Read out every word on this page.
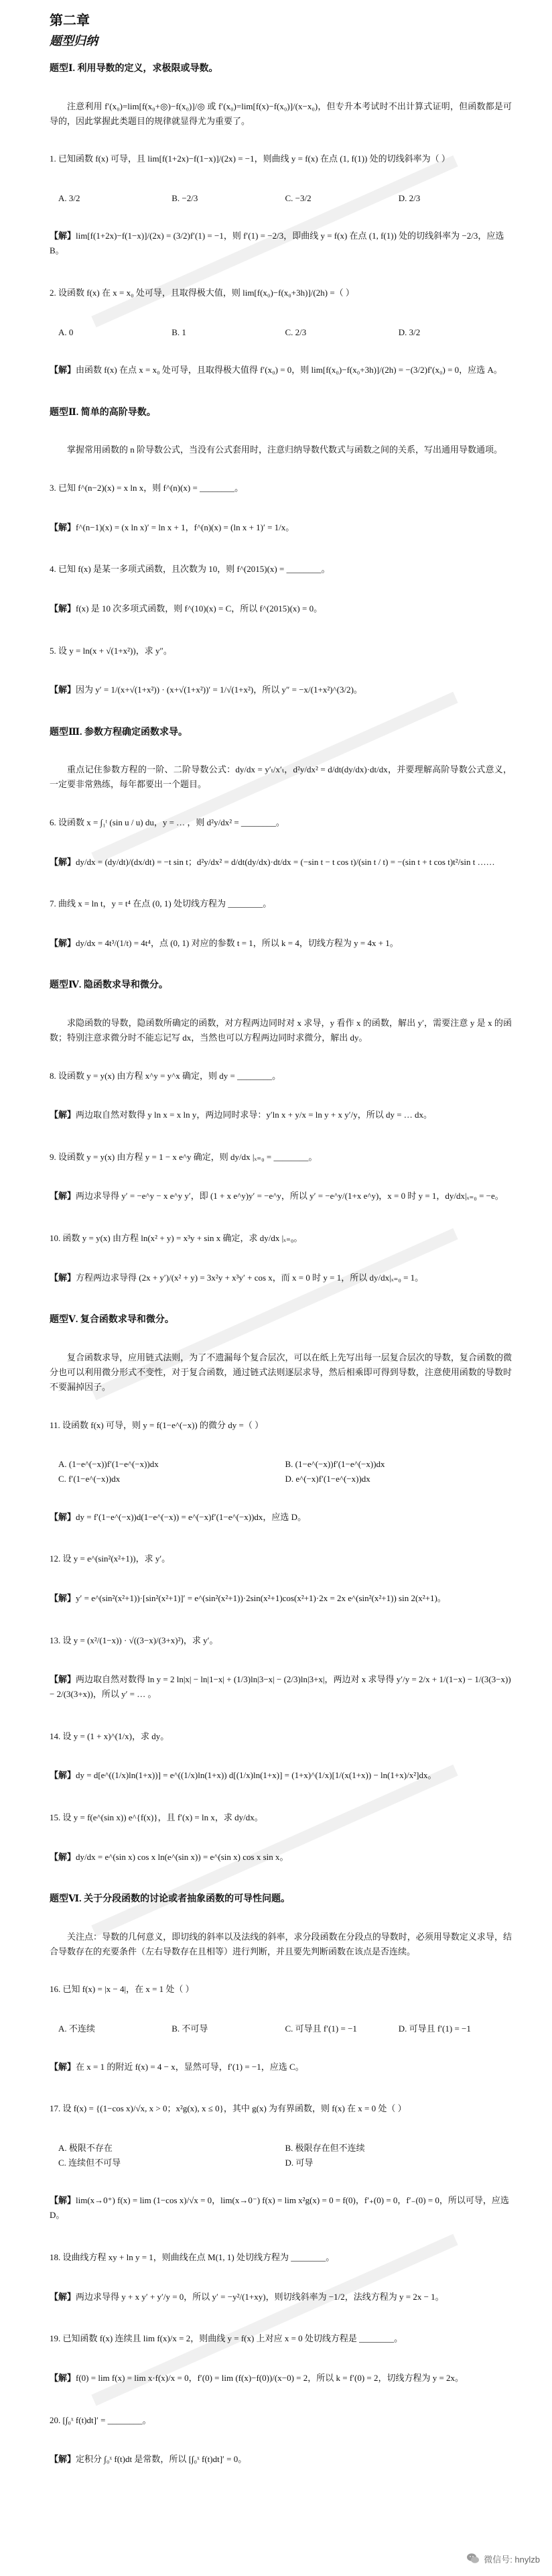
第二章
题型归纳
题型Ⅰ. 利用导数的定义，求极限或导数。
注意利用 f′(x₀)=lim[f(x₀+◎)−f(x₀)]/◎ 或 f′(x₀)=lim[f(x)−f(x₀)]/(x−x₀)，但专升本考试时不出计算式证明，但函数都是可导的，因此掌握此类题目的规律就显得尤为重要了。
1. 已知函数 f(x) 可导，且 lim[f(1+2x)−f(1−x)]/(2x) = −1，则曲线 y = f(x) 在点 (1, f(1)) 处的切线斜率为（ ）
A. 3/2	B. −2/3	C. −3/2	D. 2/3
【解】lim[f(1+2x)−f(1−x)]/(2x) = (3/2)f′(1) = −1，则 f′(1) = −2/3，即曲线 y = f(x) 在点 (1, f(1)) 处的切线斜率为 −2/3，应选 B。
2. 设函数 f(x) 在 x = x₀ 处可导，且取得极大值，则 lim[f(x₀)−f(x₀+3h)]/(2h) =（ ）
A. 0	B. 1	C. 2/3	D. 3/2
【解】由函数 f(x) 在点 x = x₀ 处可导，且取得极大值得 f′(x₀) = 0，则 lim[f(x₀)−f(x₀+3h)]/(2h) = −(3/2)f′(x₀) = 0，应选 A。
题型Ⅱ. 简单的高阶导数。
掌握常用函数的 n 阶导数公式，当没有公式套用时，注意归纳导数代数式与函数之间的关系，写出通用导数通项。
3. 已知 f^(n−2)(x) = x ln x，则 f^(n)(x) = ________。
【解】f^(n−1)(x) = (x ln x)′ = ln x + 1，f^(n)(x) = (ln x + 1)′ = 1/x。
4. 已知 f(x) 是某一多项式函数，且次数为 10，则 f^(2015)(x) = ________。
【解】f(x) 是 10 次多项式函数，则 f^(10)(x) = C，所以 f^(2015)(x) = 0。
5. 设 y = ln(x + √(1+x²))，求 y″。
【解】因为 y′ = 1/(x+√(1+x²)) · (x+√(1+x²))′ = 1/√(1+x²)，所以 y″ = −x/(1+x²)^(3/2)。
题型Ⅲ. 参数方程确定函数求导。
重点记住参数方程的一阶、二阶导数公式：dy/dx = y′ₜ/x′ₜ，d²y/dx² = d/dt(dy/dx)·dt/dx，并要理解高阶导数公式意义，一定要非常熟练，每年都要出一个题目。
6. 设函数 x = ∫₁ᵗ (sin u / u) du，y = … ，则 d²y/dx² = ________。
【解】dy/dx = (dy/dt)/(dx/dt) = −t sin t；d²y/dx² = d/dt(dy/dx)·dt/dx = (−sin t − t cos t)/(sin t / t) = −(sin t + t cos t)t²/sin t ……
7. 曲线 x = ln t，y = t⁴ 在点 (0, 1) 处切线方程为 ________。
【解】dy/dx = 4t³/(1/t) = 4t⁴，点 (0, 1) 对应的参数 t = 1，所以 k = 4，切线方程为 y = 4x + 1。
题型Ⅳ. 隐函数求导和微分。
求隐函数的导数，隐函数所确定的函数，对方程两边同时对 x 求导，y 看作 x 的函数，解出 y′，需要注意 y 是 x 的函数；特别注意求微分时不能忘记写 dx，当然也可以方程两边同时求微分，解出 dy。
8. 设函数 y = y(x) 由方程 x^y = y^x 确定，则 dy = ________。
【解】两边取自然对数得 y ln x = x ln y，两边同时求导：y′ln x + y/x = ln y + x y′/y，所以 dy = … dx。
9. 设函数 y = y(x) 由方程 y = 1 − x e^y 确定，则 dy/dx |ₓ₌₀ = ________。
【解】两边求导得 y′ = −e^y − x e^y y′，即 (1 + x e^y)y′ = −e^y，所以 y′ = −e^y/(1+x e^y)，x = 0 时 y = 1，dy/dx|ₓ₌₀ = −e。
10. 函数 y = y(x) 由方程 ln(x² + y) = x³y + sin x 确定，求 dy/dx |ₓ₌₀。
【解】方程两边求导得 (2x + y′)/(x² + y) = 3x²y + x³y′ + cos x，而 x = 0 时 y = 1，所以 dy/dx|ₓ₌₀ = 1。
题型Ⅴ. 复合函数求导和微分。
复合函数求导，应用链式法则，为了不遗漏每个复合层次，可以在纸上先写出每一层复合层次的导数，复合函数的微分也可以利用微分形式不变性，对于复合函数，通过链式法则逐层求导，然后相乘即可得到导数，注意使用函数的导数时不要漏掉因子。
11. 设函数 f(x) 可导，则 y = f(1−e^(−x)) 的微分 dy =（ ）
A. (1−e^(−x))f′(1−e^(−x))dx	B. (1−e^(−x))f′(1−e^(−x))dx
C. f′(1−e^(−x))dx	D. e^(−x)f′(1−e^(−x))dx
【解】dy = f′(1−e^(−x))d(1−e^(−x)) = e^(−x)f′(1−e^(−x))dx，应选 D。
12. 设 y = e^(sin²(x²+1))，求 y′。
【解】y′ = e^(sin²(x²+1))·[sin²(x²+1)]′ = e^(sin²(x²+1))·2sin(x²+1)cos(x²+1)·2x = 2x e^(sin²(x²+1)) sin 2(x²+1)。
13. 设 y = (x²/(1−x)) · √((3−x)/(3+x)²)，求 y′。
【解】两边取自然对数得 ln y = 2 ln|x| − ln|1−x| + (1/3)ln|3−x| − (2/3)ln|3+x|，两边对 x 求导得 y′/y = 2/x + 1/(1−x) − 1/(3(3−x)) − 2/(3(3+x))，所以 y′ = … 。
14. 设 y = (1 + x)^(1/x)，求 dy。
【解】dy = d[e^((1/x)ln(1+x))] = e^((1/x)ln(1+x)) d[(1/x)ln(1+x)] = (1+x)^(1/x)[1/(x(1+x)) − ln(1+x)/x²]dx。
15. 设 y = f(e^(sin x)) e^{f(x)}，且 f′(x) = ln x，求 dy/dx。
【解】dy/dx = e^(sin x) cos x ln(e^(sin x)) = e^(sin x) cos x sin x。
题型Ⅵ. 关于分段函数的讨论或者抽象函数的可导性问题。
关注点：导数的几何意义，即切线的斜率以及法线的斜率，求分段函数在分段点的导数时，必须用导数定义求导，结合导数存在的充要条件（左右导数存在且相等）进行判断，并且要先判断函数在该点是否连续。
16. 已知 f(x) = |x − 4|，在 x = 1 处（ ）
A. 不连续	B. 不可导	C. 可导且 f′(1) = −1	D. 可导且 f′(1) = −1
【解】在 x = 1 的附近 f(x) = 4 − x，显然可导，f′(1) = −1，应选 C。
17. 设 f(x) = {(1−cos x)/√x, x > 0；x²g(x), x ≤ 0}，其中 g(x) 为有界函数，则 f(x) 在 x = 0 处（ ）
A. 极限不存在	B. 极限存在但不连续
C. 连续但不可导	D. 可导
【解】lim(x→0⁺) f(x) = lim (1−cos x)/√x = 0，lim(x→0⁻) f(x) = lim x²g(x) = 0 = f(0)，f′₊(0) = 0，f′₋(0) = 0，所以可导，应选 D。
18. 设曲线方程 xy + ln y = 1，则曲线在点 M(1, 1) 处切线方程为 ________。
【解】两边求导得 y + x y′ + y′/y = 0，所以 y′ = −y²/(1+xy)，则切线斜率为 −1/2，法线方程为 y = 2x − 1。
19. 已知函数 f(x) 连续且 lim f(x)/x = 2，则曲线 y = f(x) 上对应 x = 0 处切线方程是 ________。
【解】f(0) = lim f(x) = lim x·f(x)/x = 0，f′(0) = lim (f(x)−f(0))/(x−0) = 2，所以 k = f′(0) = 2，切线方程为 y = 2x。
20. [∫₀ˣ f(t)dt]′ = ________。
【解】定积分 ∫₀ˣ f(t)dt 是常数，所以 [∫₀ˣ f(t)dt]′ = 0。
微信号: hnylzb
